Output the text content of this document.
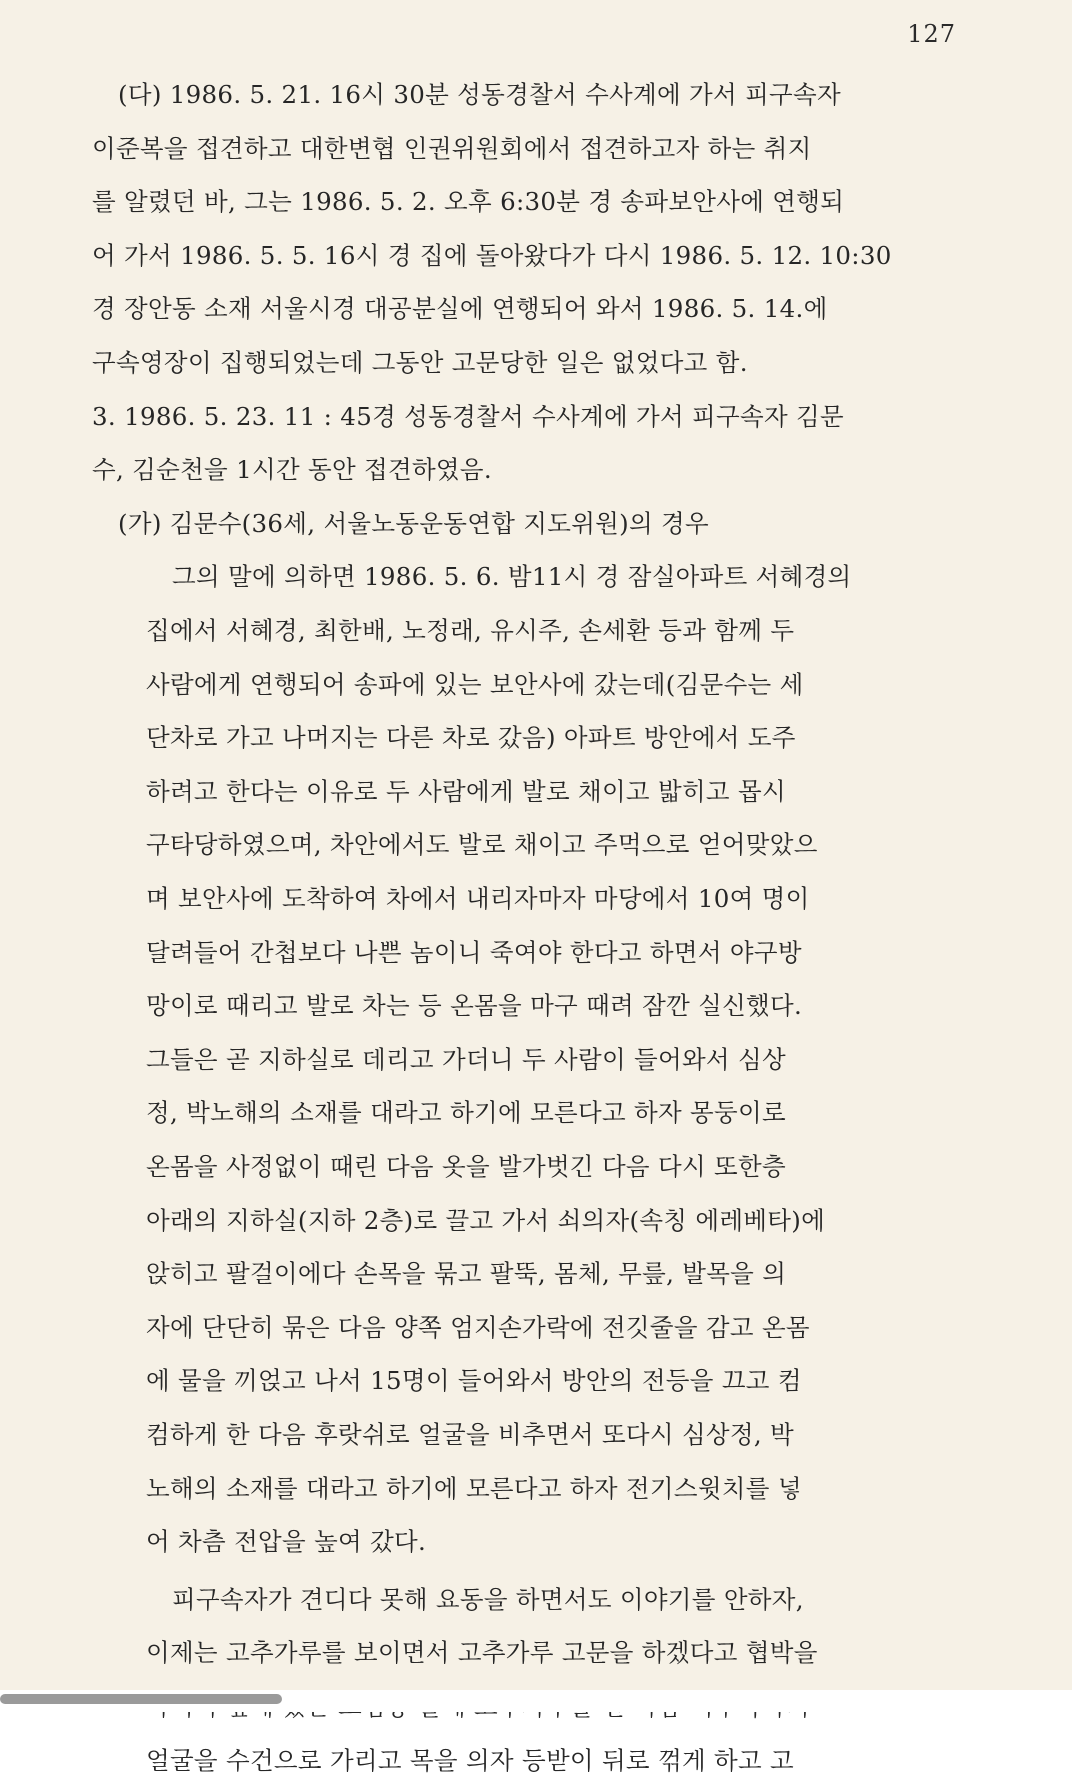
127
(다) 1986. 5. 21. 16시 30분 성동경찰서 수사계에 가서 피구속자
이준복을 접견하고 대한변협 인권위원회에서 접견하고자 하는 취지
를 알렸던 바, 그는 1986. 5. 2. 오후 6:30분 경 송파보안사에 연행되
어 가서 1986. 5. 5. 16시 경 집에 돌아왔다가 다시 1986. 5. 12. 10:30
경 장안동 소재 서울시경 대공분실에 연행되어 와서 1986. 5. 14.에
구속영장이 집행되었는데 그동안 고문당한 일은 없었다고 함.
3. 1986. 5. 23. 11 : 45경 성동경찰서 수사계에 가서 피구속자 김문
수, 김순천을 1시간 동안 접견하였음.
(가) 김문수(36세, 서울노동운동연합 지도위원)의 경우
그의 말에 의하면 1986. 5. 6. 밤11시 경 잠실아파트 서혜경의
집에서 서혜경, 최한배, 노정래, 유시주, 손세환 등과 함께 두
사람에게 연행되어 송파에 있는 보안사에 갔는데(김문수는 세
단차로 가고 나머지는 다른 차로 갔음) 아파트 방안에서 도주
하려고 한다는 이유로 두 사람에게 발로 채이고 밟히고 몹시
구타당하였으며, 차안에서도 발로 채이고 주먹으로 얻어맞았으
며 보안사에 도착하여 차에서 내리자마자 마당에서 10여 명이
달려들어 간첩보다 나쁜 놈이니 죽여야 한다고 하면서 야구방
망이로 때리고 발로 차는 등 온몸을 마구 때려 잠깐 실신했다.
그들은 곧 지하실로 데리고 가더니 두 사람이 들어와서 심상
정, 박노해의 소재를 대라고 하기에 모른다고 하자 몽둥이로
온몸을 사정없이 때린 다음 옷을 발가벗긴 다음 다시 또한층
아래의 지하실(지하 2층)로 끌고 가서 쇠의자(속칭 에레베타)에
앉히고 팔걸이에다 손목을 묶고 팔뚝, 몸체, 무릎, 발목을 의
자에 단단히 묶은 다음 양쪽 엄지손가락에 전깃줄을 감고 온몸
에 물을 끼얹고 나서 15명이 들어와서 방안의 전등을 끄고 컴
컴하게 한 다음 후랏쉬로 얼굴을 비추면서 또다시 심상정, 박
노해의 소재를 대라고 하기에 모른다고 하자 전기스윗치를 넣
어 차츰 전압을 높여 갔다.
피구속자가 견디다 못해 요동을 하면서도 이야기를 안하자,
이제는 고추가루를 보이면서 고추가루 고문을 하겠다고 협박을
얼굴을 수건으로 가리고 목을 의자 등받이 뒤로 꺾게 하고 고
